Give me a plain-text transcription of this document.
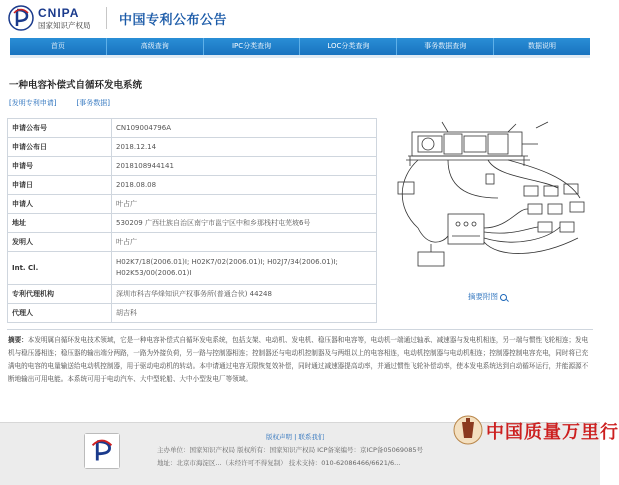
CNIPA
国家知识产权局 中国专利公布公告
首页	高级查询	IPC分类查询	LOC分类查询	事务数据查询	数据说明
一种电容补偿式自循环发电系统
[发明专利申请]	[事务数据]
申请公布号	CN109004796A
申请公布日	2018.12.14
申请号	2018108944141
申请日	2018.08.08
申请人	叶占广
地址	530209 广西壮族自治区南宁市邕宁区中和乡那栈村屯芜坡6号
发明人	叶占广
Int. Cl.	H02K7/18(2006.01)I; H02K7/02(2006.01)I; H02J7/34(2006.01)I;
H02K53/00(2006.01)I

专利代理机构	深圳市科吉华烽知识产权事务所(普通合伙) 44248
代理人	胡吉科
摘要附图
摘要：本发明属自循环发电技术领域，它是一种电容补偿式自循环发电系统，包括支架、电动机、发电机、稳压器和电容等，电动机一端通过轴承、减速器与发电机相连，另一端与惯性飞轮相连；发电机与稳压器相连；稳压器的输出端分两路，一路为外接负荷，另一路与控制器相连；控制器还与电动机控制器及与两组以上的电容相连，电动机控制器与电动机相连；控制器控制电容充电，同时将已充满电的电容的电量输送给电动机控制器，用于驱动电动机的转动。本申请通过电容无限恢复效补偿，同时通过减速器提高动率，并通过惯性飞轮补偿动率，使本发电系统达到自动循环运行，并能源源不断地输出可用电能。本系统可用于电动汽车、大中型轮船、大中小型发电厂等领域。
版权声明 | 联系我们
主办单位：国家知识产权局 版权所有：国家知识产权局 ICP备案编号：京ICP备05069085号
地址：北京市海淀区...（未经许可不得复制） 技术支持：010-62086466/6621/6...
中国质量万里行
